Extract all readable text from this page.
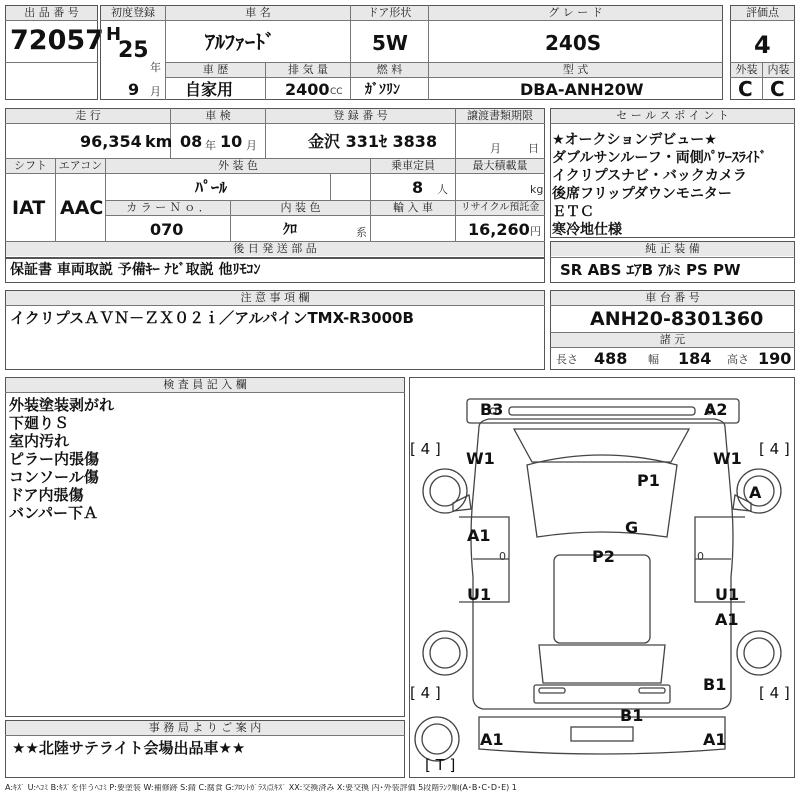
出 品 番 号
72057
初度登録
H
25
年
9 月
車 名
ｱﾙﾌｧｰﾄﾞ
ドア形状
5W
グ レ ー ド
240S
車 歴
自家用
排 気 量
2400 CC
燃 料
ｶﾞｿﾘﾝ
型 式
DBA-ANH20W
評価点
4
外装 内装
C C
走 行
96,354 km
車 検
08 年 10 月
登 録 番 号
金沢 331ｾ 3838
譲渡書類期限
月 日
シフト
IAT
エアコン
AAC
外 装 色
ﾊﾟｰﾙ
乗車定員
8 人
最大積載量
kg
カ ラ ー Ｎ ｏ ．
070
内 装 色
ｸﾛ	系
輸 入 車	リサイクル預託金
16,260 円
後 日 発 送 部 品
保証書 車両取説 予備ｷｰ ﾅﾋﾞ取説 他ﾘﾓｺﾝ
セ ー ル ス ポ イ ン ト
★オークションデビュー★
ダブルサンルーフ・両側ﾊﾟﾜｰｽﾗｲﾄﾞ
イクリプスナビ・バックカメラ
後席フリップダウンモニター
ＥＴＣ
寒冷地仕様
純 正 装 備
SR ABS ｴｱB ｱﾙﾐ PS PW
注 意 事 項 欄
イクリプスＡＶＮ－ＺＸ０２ｉ／アルパインTMX-R3000B
車 台 番 号
ANH20-8301360
諸 元
長さ 488 幅 184 高さ 190
検 査 員 記 入 欄
外装塗装剥がれ
下廻りＳ
室内汚れ
ピラー内張傷
コンソール傷
ドア内張傷
バンパー下Ａ
事 務 局 よ り ご 案 内
★★北陸サテライト会場出品車★★
B3	A2
W1	W1
P1
A
A1	G
P2
U1	U1
A1
B1
B1
A1	A1
[ 4 ]	[ 4 ]
[ 4 ]	[ 4 ]
[ T ]
0	0
A:ｷｽﾞ U:ﾍｺﾐ B:ｷｽﾞを伴うﾍｺﾐ P:要塗装 W:補修跡 S:錆 C:腐食 G:ﾌﾛﾝﾄｶﾞﾗｽ点ｷｽﾞ XX:交換済み X:要交換 内･外装評価 5段階ﾗﾝｸ順(A･B･C･D･E) 1
